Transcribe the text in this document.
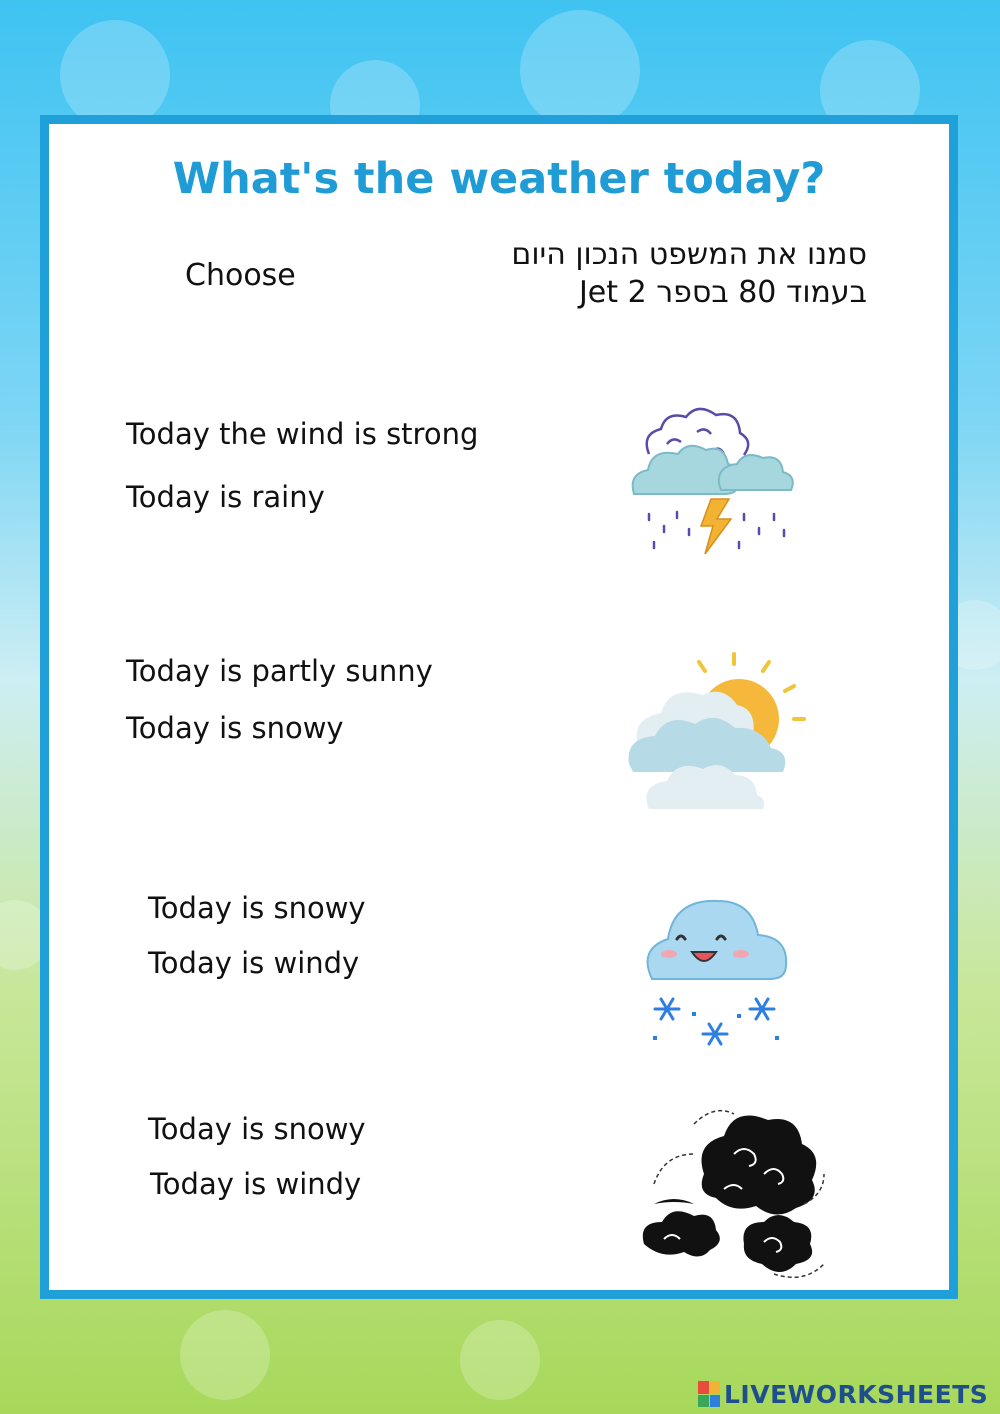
What's the weather today?
Choose
סמנו את המשפט הנכון היום
בעמוד 80 בספר 2 Jet
Today the wind is strong
Today is rainy
Today is partly sunny
Today is snowy
Today is snowy
Today is windy
Today is snowy
Today is windy
LIVEWORKSHEETS
